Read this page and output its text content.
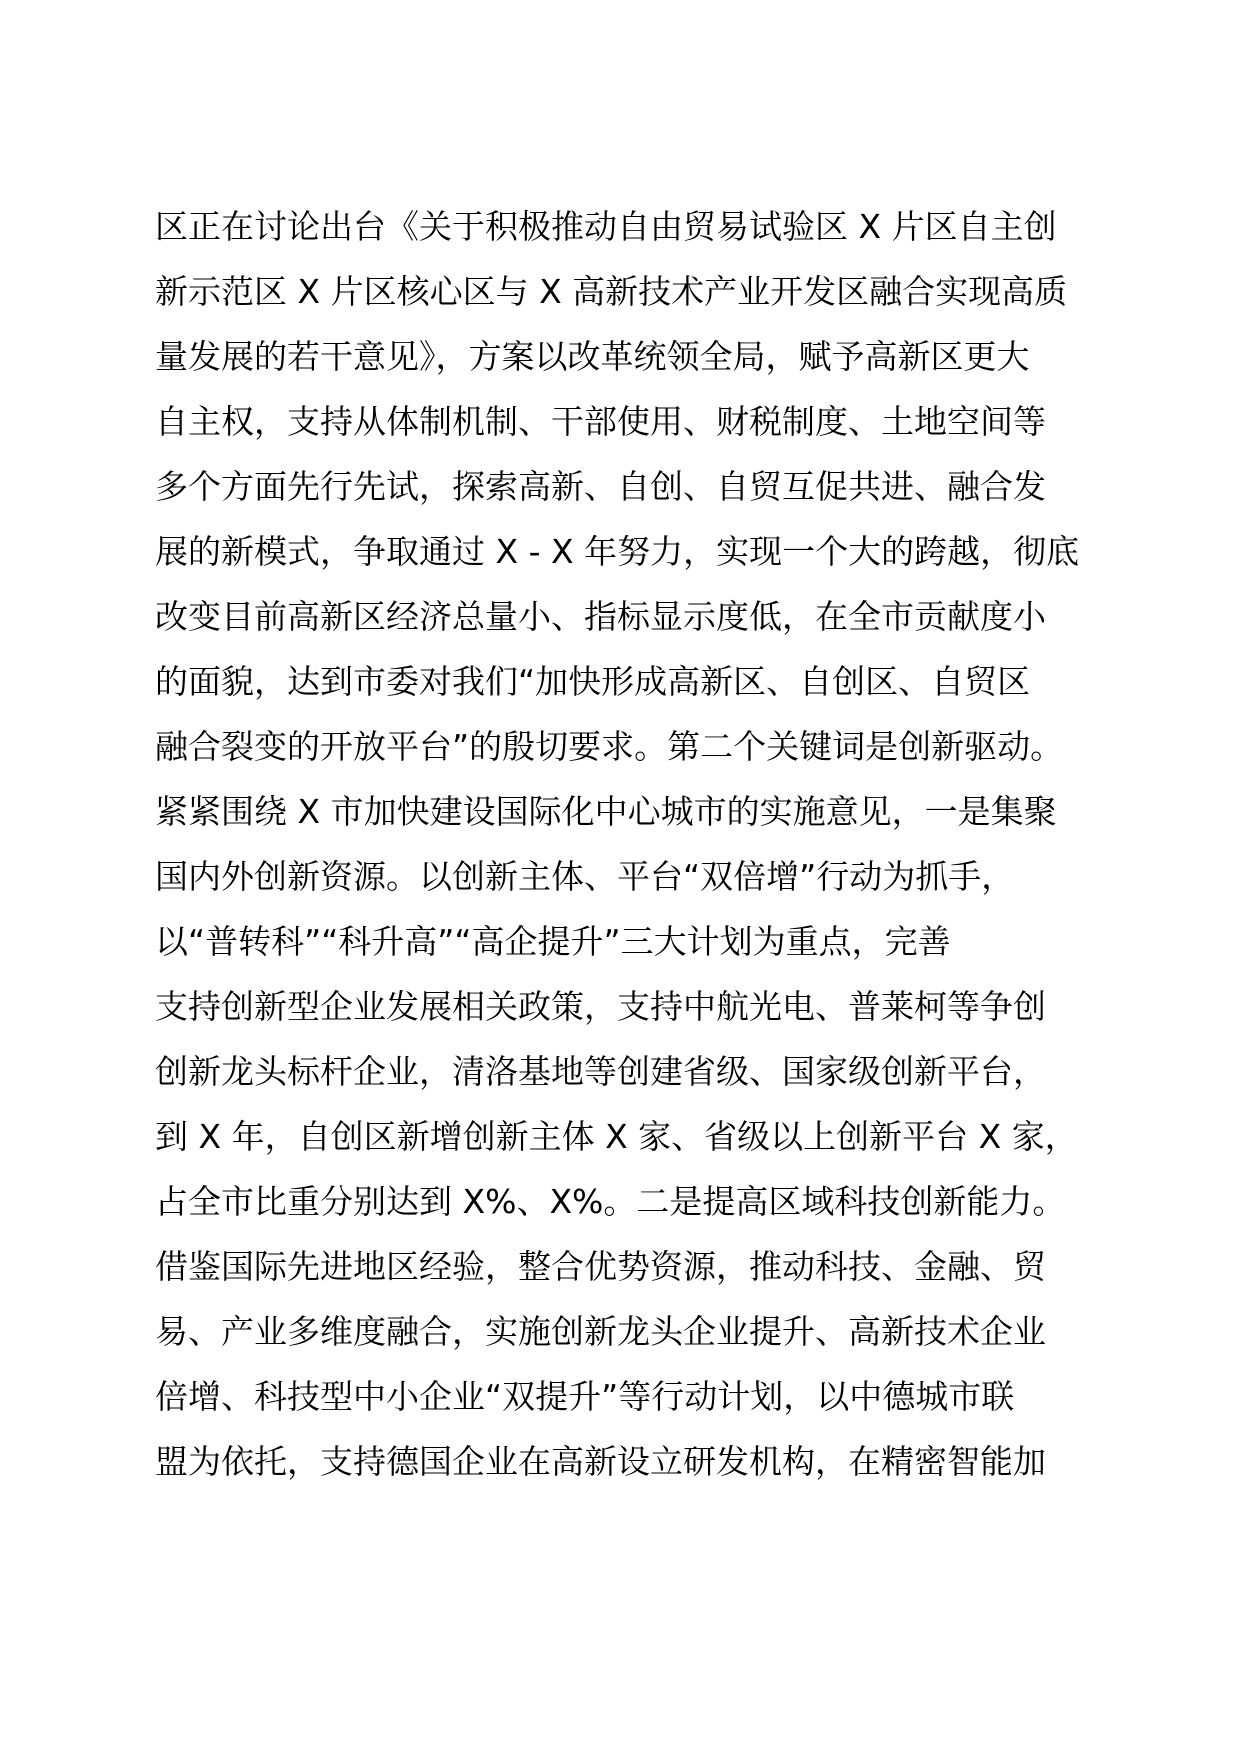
区正在讨论出台《关于积极推动自由贸易试验区 X 片区自主创
新示范区 X 片区核心区与 X 高新技术产业开发区融合实现高质
量发展的若干意见》，方案以改革统领全局，赋予高新区更大
自主权，支持从体制机制、干部使用、财税制度、土地空间等
多个方面先行先试，探索高新、自创、自贸互促共进、融合发
展的新模式，争取通过 X - X 年努力，实现一个大的跨越，彻底
改变目前高新区经济总量小、指标显示度低，在全市贡献度小
的面貌，达到市委对我们“加快形成高新区、自创区、自贸区
融合裂变的开放平台”的殷切要求。第二个关键词是创新驱动。
紧紧围绕 X 市加快建设国际化中心城市的实施意见，一是集聚
国内外创新资源。以创新主体、平台“双倍增”行动为抓手，
以“普转科”“科升高”“高企提升”三大计划为重点，完善
支持创新型企业发展相关政策，支持中航光电、普莱柯等争创
创新龙头标杆企业，清洛基地等创建省级、国家级创新平台，
到 X 年，自创区新增创新主体 X 家、省级以上创新平台 X 家，
占全市比重分别达到 X%、X%。二是提高区域科技创新能力。
借鉴国际先进地区经验，整合优势资源，推动科技、金融、贸
易、产业多维度融合，实施创新龙头企业提升、高新技术企业
倍增、科技型中小企业“双提升”等行动计划，以中德城市联
盟为依托，支持德国企业在高新设立研发机构，在精密智能加
